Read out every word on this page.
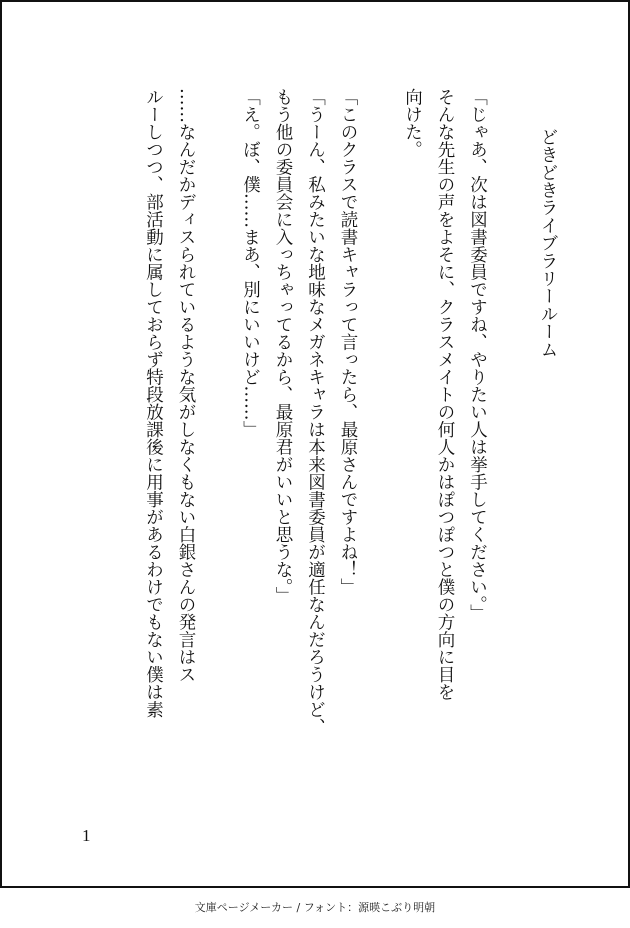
どきどきライブラリールーム

「じゃあ、次は図書委員ですね、やりたい人は挙手してください。」

そんな先生の声をよそに、クラスメイトの何人かはぽつぽつと僕の方向に目を

向けた。

「このクラスで読書キャラって言ったら、最原さんですよね！」

「うーん、私みたいな地味なメガネキャラは本来図書委員が適任なんだろうけど、

もう他の委員会に入っちゃってるから、最原君がいいと思うな。」

「え。ぼ、僕……まあ、別にいいけど……」

……なんだかディスられているような気がしなくもない白銀さんの発言はス

ルーしつつ、部活動に属しておらず特段放課後に用事があるわけでもない僕は素

1
文庫ページメーカー / フォント：源暎こぶり明朝
